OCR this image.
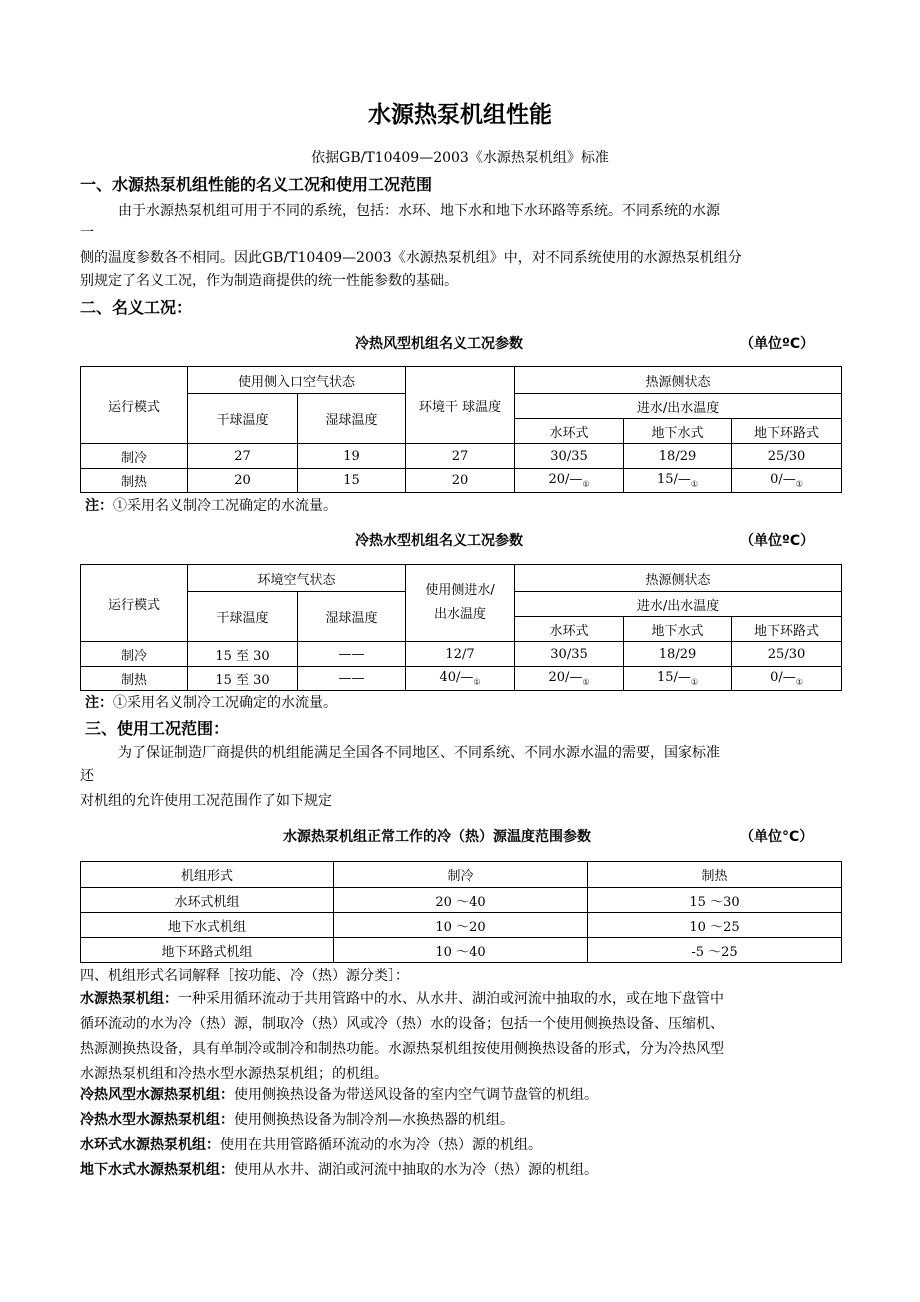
水源热泵机组性能
依据GB/T10409—2003《水源热泵机组》标准
一、水源热泵机组性能的名义工况和使用工况范围
由于水源热泵机组可用于不同的系统，包括：水环、地下水和地下水环路等系统。不同系统的水源
一
侧的温度参数各不相同。因此GB/T10409—2003《水源热泵机组》中，对不同系统使用的水源热泵机组分
别规定了名义工况，作为制造商提供的统一性能参数的基础。
二、名义工况：
冷热风型机组名义工况参数	（单位ºC）
运行模式	使用侧入口空气状态		环境干 球温度	热源侧状态		
	干球温度	湿球温度		进水/出水温度		
				水环式	地下水式	地下环路式
制冷	27	19	27	30/35	18/29	25/30
制热	20	15	20	$20/—_①$	$15/—_①$	$0/—_①$
注：①采用名义制冷工况确定的水流量。
冷热水型机组名义工况参数	（单位ºC）
运行模式	环境空气状态		使用侧进水/
出水温度	热源侧状态		
	干球温度	湿球温度		进水/出水温度		
				水环式	地下水式	地下环路式
制冷	15 至 30	——	12/7	30/35	18/29	25/30
制热	15 至 30	——	$40/—_①$	$20/—_①$	$15/—_①$	$0/—_①$
注：①采用名义制冷工况确定的水流量。
三、使用工况范围：
为了保证制造厂商提供的机组能满足全国各不同地区、不同系统、不同水源水温的需要，国家标准
还
对机组的允许使用工况范围作了如下规定
水源热泵机组正常工作的冷（热）源温度范围参数	（单位°C）
机组形式	制冷	制热
水环式机组	20 ～40	15 ～30
地下水式机组	10 ～20	10 ～25
地下环路式机组	10 ～40	-5 ～25
四、机组形式名词解释［按功能、冷（热）源分类］：
水源热泵机组：一种采用循环流动于共用管路中的水、从水井、湖泊或河流中抽取的水，或在地下盘管中
循环流动的水为冷（热）源，制取冷（热）风或冷（热）水的设备；包括一个使用侧换热设备、压缩机、
热源测换热设备，具有单制冷或制冷和制热功能。水源热泵机组按使用侧换热设备的形式，分为冷热风型
水源热泵机组和冷热水型水源热泵机组；的机组。
冷热风型水源热泵机组：使用侧换热设备为带送风设备的室内空气调节盘管的机组。
冷热水型水源热泵机组：使用侧换热设备为制冷剂—水换热器的机组。
水环式水源热泵机组：使用在共用管路循环流动的水为冷（热）源的机组。
地下水式水源热泵机组：使用从水井、湖泊或河流中抽取的水为冷（热）源的机组。
